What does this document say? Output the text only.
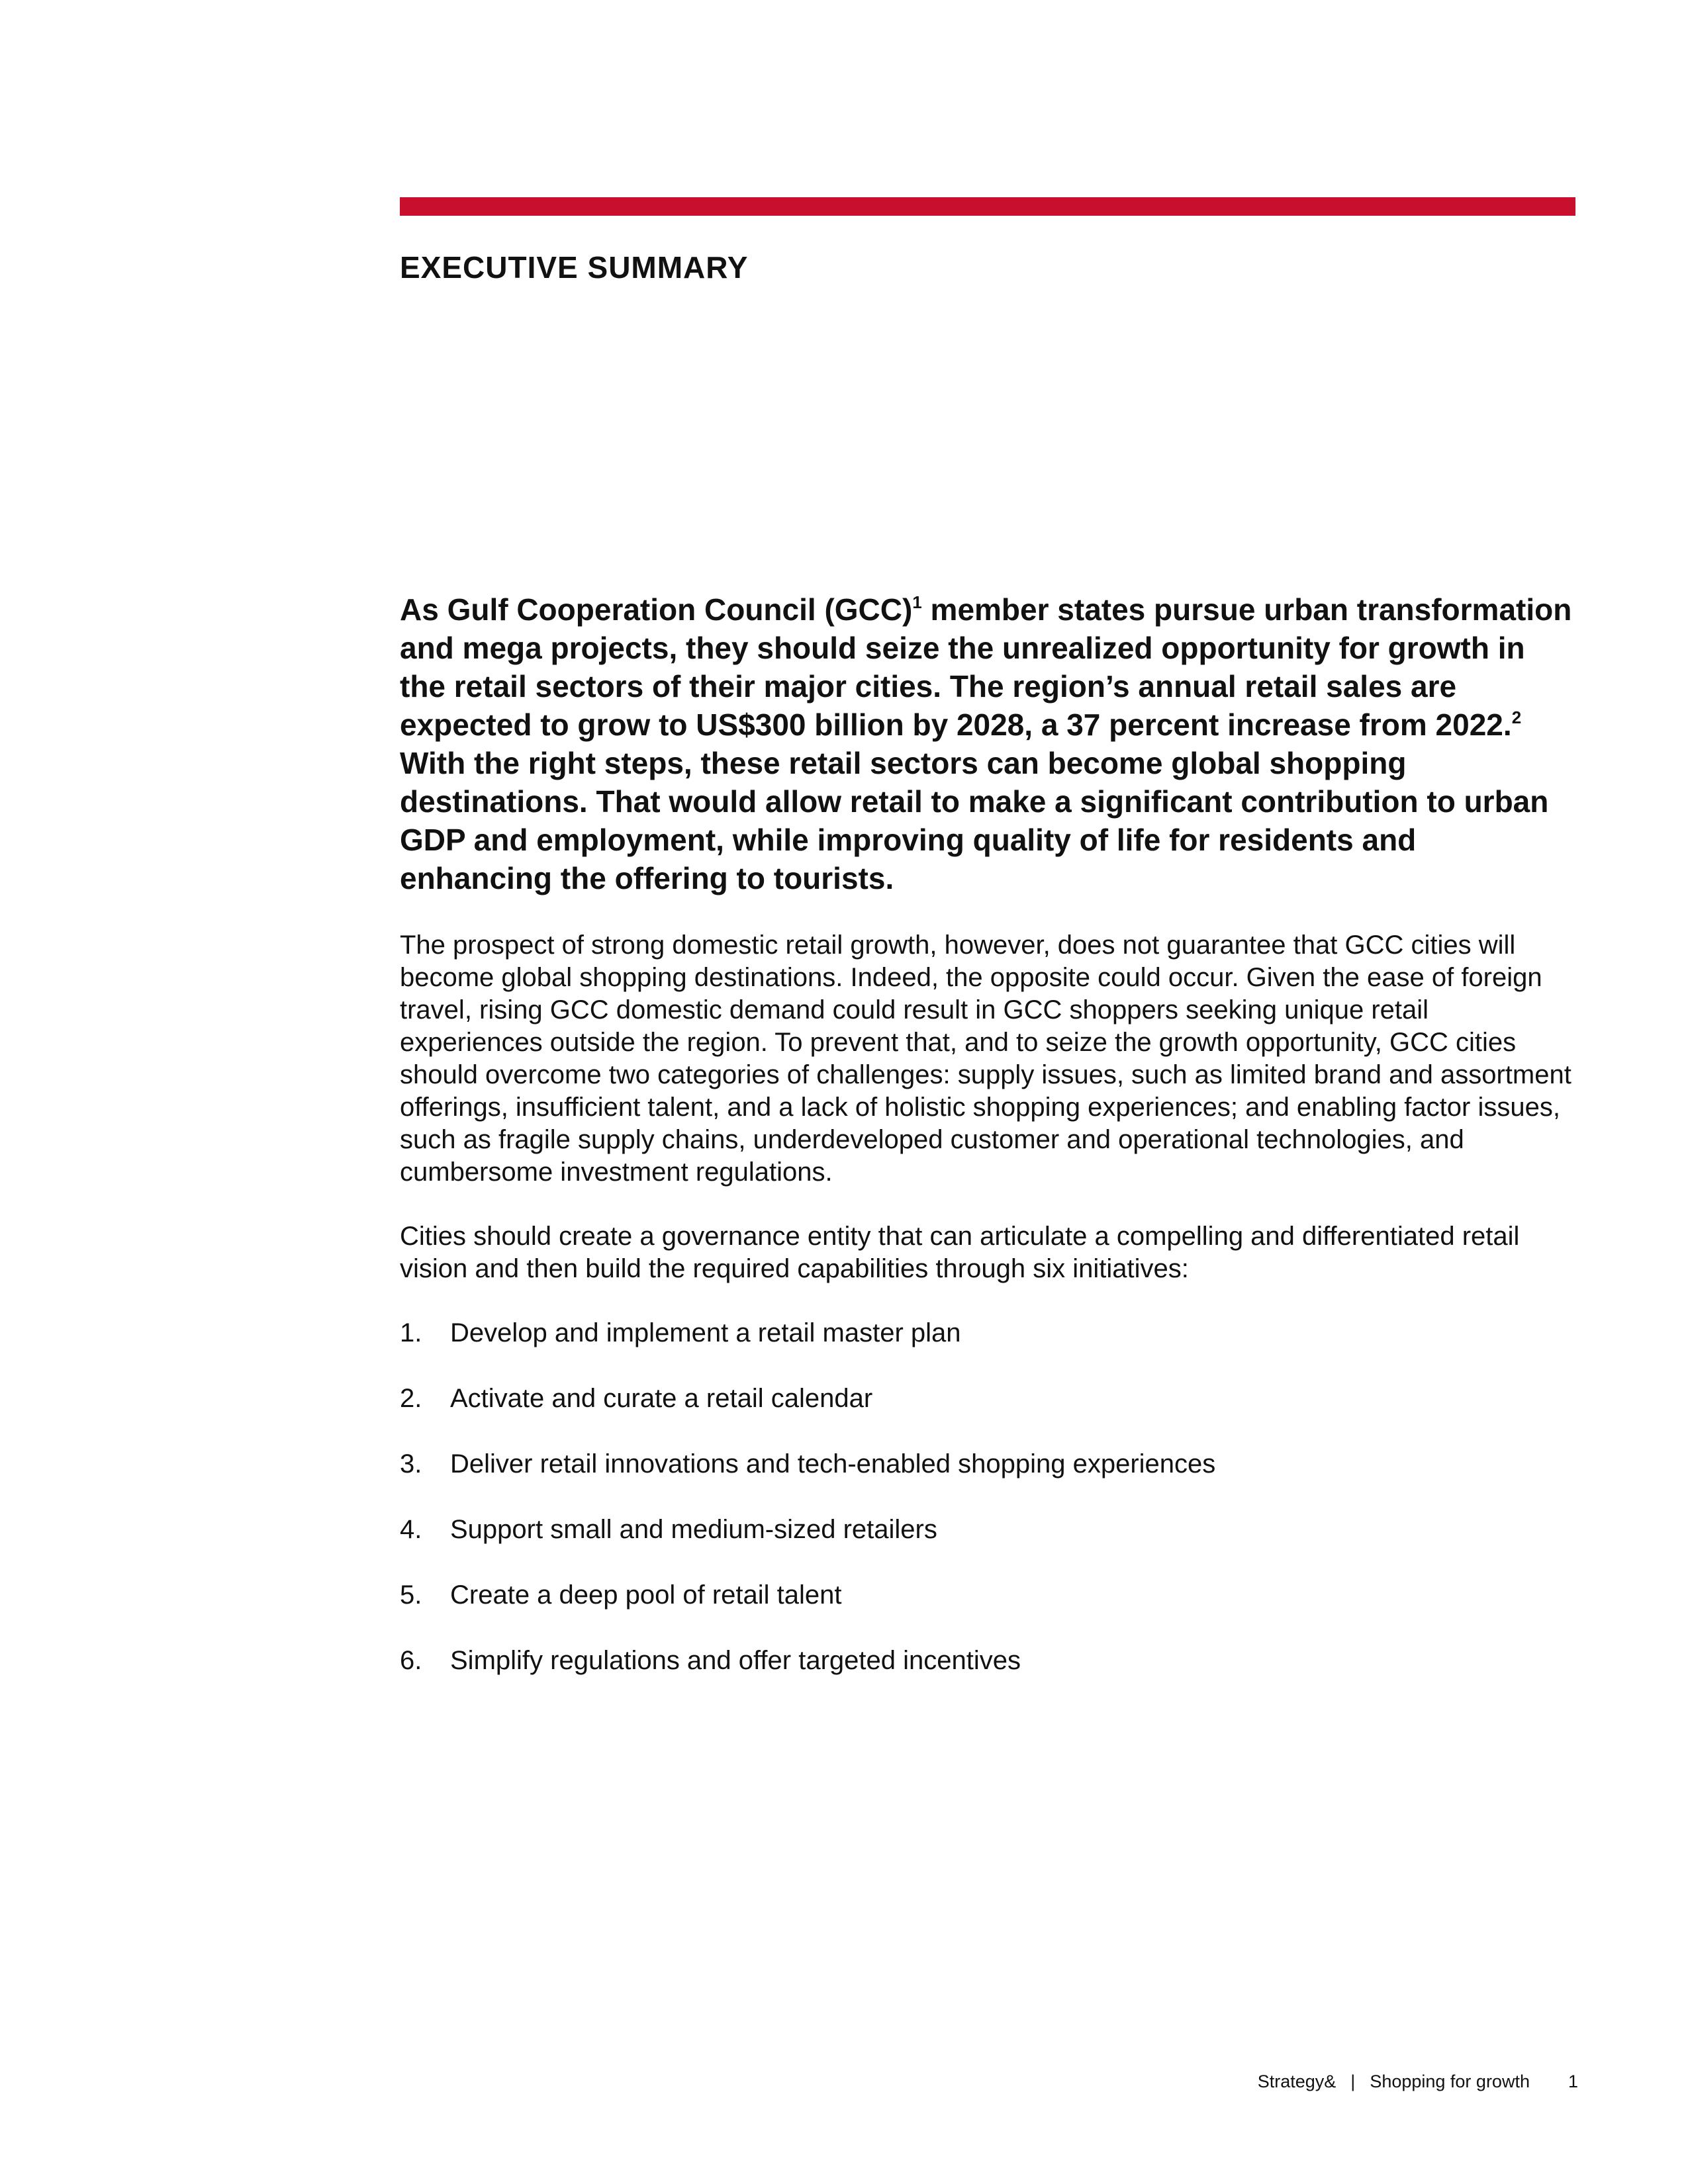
EXECUTIVE SUMMARY

As Gulf Cooperation Council (GCC)$^1$ member states pursue urban transformation and mega projects, they should seize the unrealized opportunity for growth in the retail sectors of their major cities. The region’s annual retail sales are expected to grow to US$300 billion by 2028, a 37 percent increase from 2022.$^2$ With the right steps, these retail sectors can become global shopping destinations. That would allow retail to make a significant contribution to urban GDP and employment, while improving quality of life for residents and enhancing the offering to tourists.

The prospect of strong domestic retail growth, however, does not guarantee that GCC cities will become global shopping destinations. Indeed, the opposite could occur. Given the ease of foreign travel, rising GCC domestic demand could result in GCC shoppers seeking unique retail experiences outside the region. To prevent that, and to seize the growth opportunity, GCC cities should overcome two categories of challenges: supply issues, such as limited brand and assortment offerings, insufficient talent, and a lack of holistic shopping experiences; and enabling factor issues, such as fragile supply chains, underdeveloped customer and operational technologies, and cumbersome investment regulations.

Cities should create a governance entity that can articulate a compelling and differentiated retail vision and then build the required capabilities through six initiatives:

1.	Develop and implement a retail master plan
2.	Activate and curate a retail calendar
3.	Deliver retail innovations and tech-enabled shopping experiences
4.	Support small and medium-sized retailers
5.	Create a deep pool of retail talent
6.	Simplify regulations and offer targeted incentives
Strategy& | Shopping for growth 1
